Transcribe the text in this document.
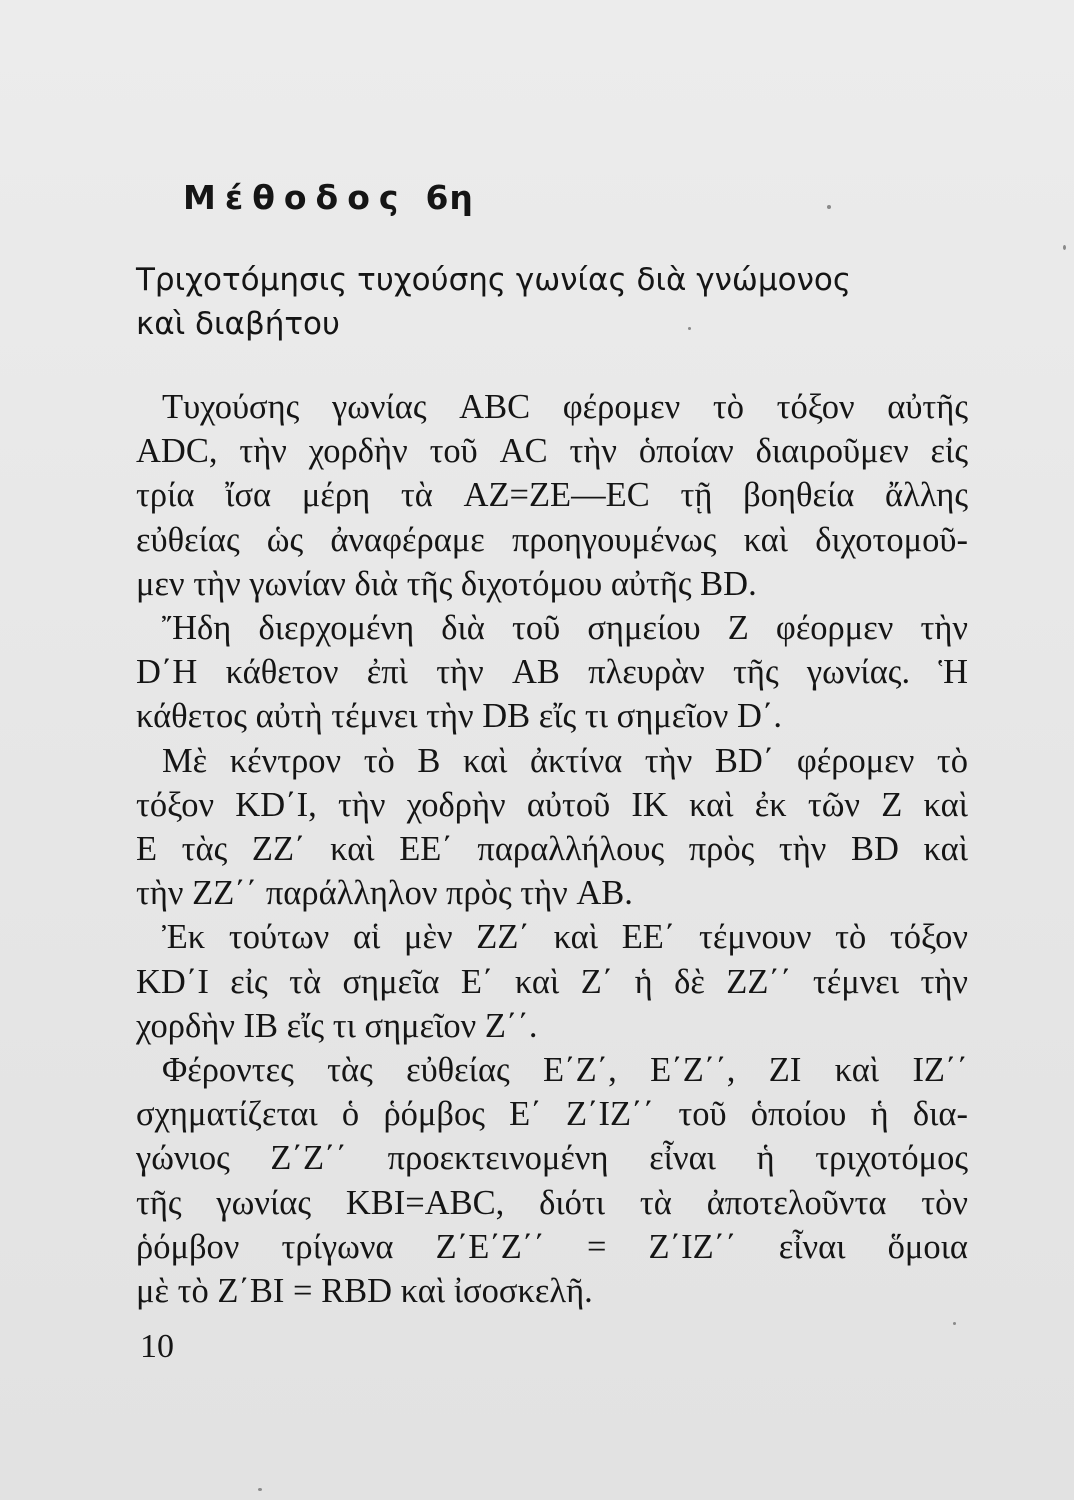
Μέθοδος 6η
Τριχοτόμησις τυχούσης γωνίας διὰ γνώμονος
καὶ διαβήτου
Τυχούσης γωνίας ABC φέρομεν τὸ τόξον αὐτῆς
ADC, τὴν χορδὴν τοῦ AC τὴν ὁποίαν διαιροῦμεν εἰς
τρία ἴσα μέρη τὰ AZ=ZE—EC τῇ βοηθεία ἄλλης
εὐθείας ὡς ἀναφέραμε προηγουμένως καὶ διχοτομοῦ-
μεν τὴν γωνίαν διὰ τῆς διχοτόμου αὐτῆς BD.
Ἤδη διερχομένη διὰ τοῦ σημείου Z φέορμεν τὴν
D΄H κάθετον ἐπὶ τὴν AB πλευρὰν τῆς γωνίας. Ἡ
κάθετος αὐτὴ τέμνει τὴν DB εἴς τι σημεῖον D΄.
Μὲ κέντρον τὸ B καὶ ἀκτίνα τὴν BD΄ φέρομεν τὸ
τόξον KD΄I, τὴν χοδρὴν αὐτοῦ IK καὶ ἐκ τῶν Z καὶ
E τὰς ZZ΄ καὶ EE΄ παραλλήλους πρὸς τὴν BD καὶ
τὴν ZZ΄΄ παράλληλον πρὸς τὴν AB.
Ἐκ τούτων αἱ μὲν ZZ΄ καὶ EE΄ τέμνουν τὸ τόξον
KD΄I εἰς τὰ σημεῖα E΄ καὶ Z΄ ἡ δὲ ZZ΄΄ τέμνει τὴν
χορδὴν IB εἴς τι σημεῖον Z΄΄.
Φέροντες τὰς εὐθείας E΄Z΄, E΄Z΄΄, ZI καὶ IZ΄΄
σχηματίζεται ὁ ῥόμβος E΄ Z΄IZ΄΄ τοῦ ὁποίου ἡ δια-
γώνιος Z΄Z΄΄ προεκτεινομένη εἶναι ἡ τριχοτόμος
τῆς γωνίας KBI=ABC, διότι τὰ ἀποτελοῦντα τὸν
ῥόμβον τρίγωνα Z΄E΄Z΄΄ = Z΄IZ΄΄ εἶναι ὅμοια
μὲ τὸ Z΄BI = RBD καὶ ἰσοσκελῆ.
10
